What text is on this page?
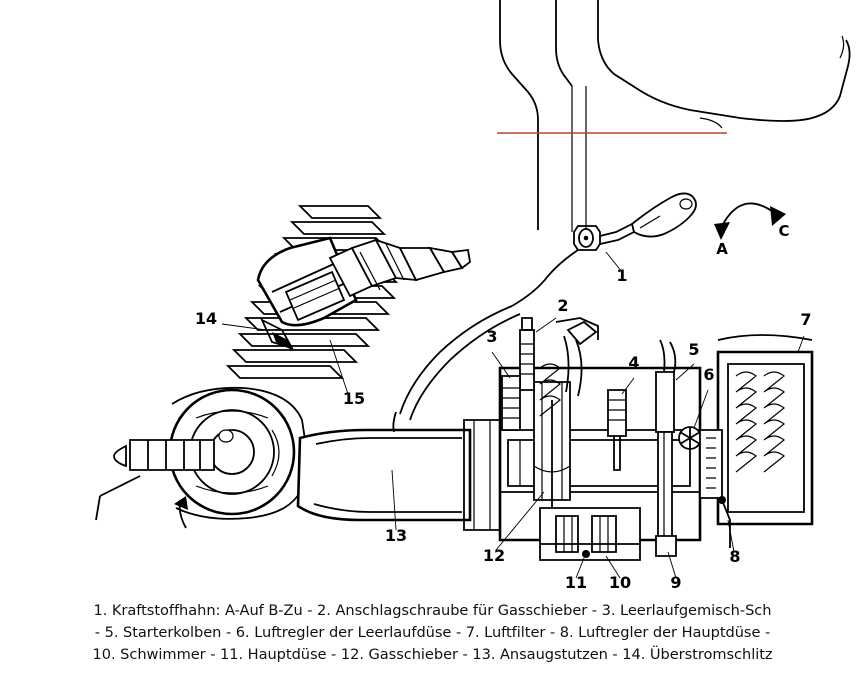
1
2
3
4
5
6
7
8
9
10
11
12
13
14
15
A
C
1. Kraftstoffhahn: A-Auf B-Zu - 2. Anschlagschraube für Gasschieber - 3. Leerlaufgemisch-Sch
- 5. Starterkolben - 6. Luftregler der Leerlaufdüse - 7. Luftfilter - 8. Luftregler der Hauptdüse -
10. Schwimmer - 11. Hauptdüse - 12. Gasschieber - 13. Ansaugstutzen - 14. Überstromschlitz
